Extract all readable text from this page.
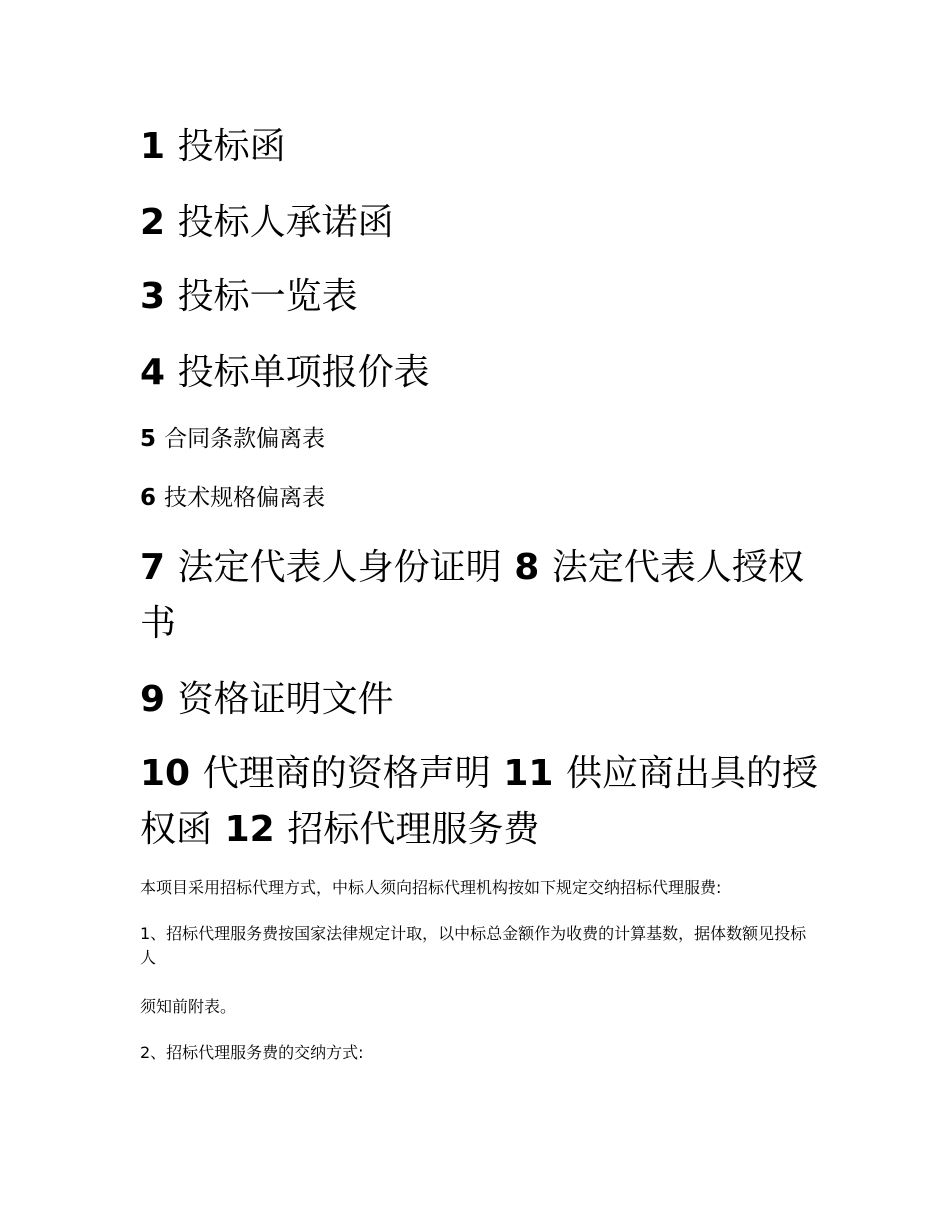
1 投标函
2 投标人承诺函
3 投标一览表
4 投标单项报价表
5 合同条款偏离表
6 技术规格偏离表
7 法定代表人身份证明 8 法定代表人授权书
9 资格证明文件
10 代理商的资格声明 11 供应商出具的授权函 12 招标代理服务费

本项目采用招标代理方式，中标人须向招标代理机构按如下规定交纳招标代理服费:

1、招标代理服务费按国家法律规定计取，以中标总金额作为收费的计算基数，据体数额见投标人

须知前附表。

2、招标代理服务费的交纳方式:
